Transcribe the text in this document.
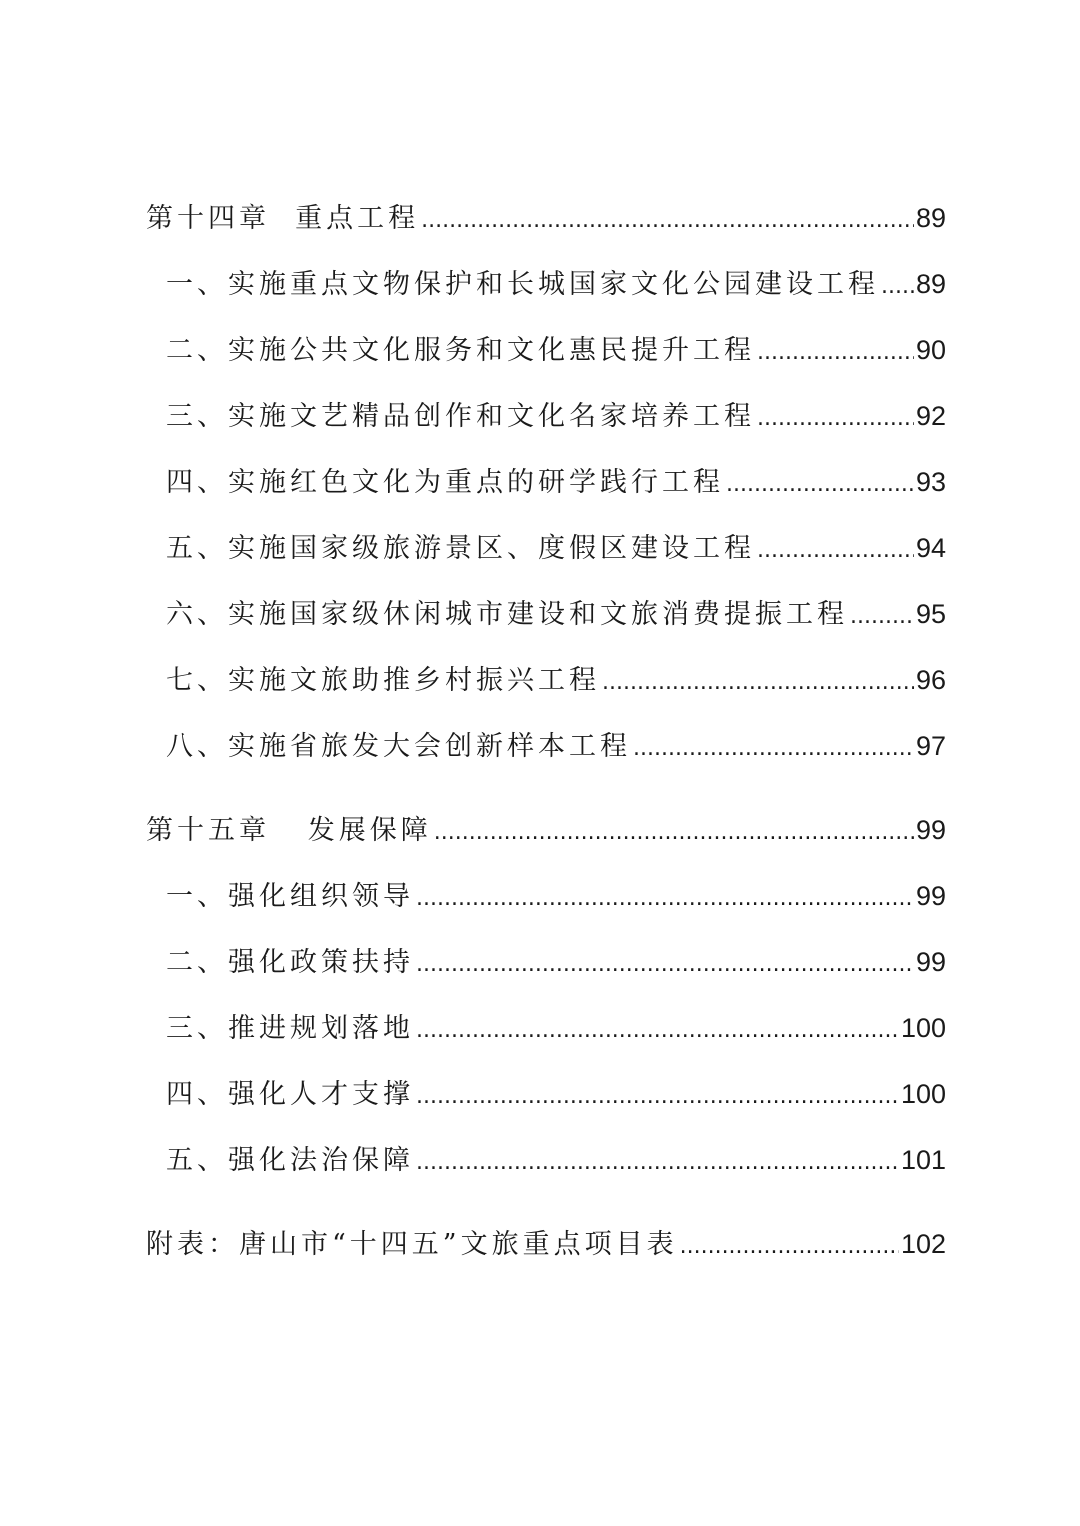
第十四章  重点工程 .....	89
一、实施重点文物保护和长城国家文化公园建设工程 ..... 89
二、实施公共文化服务和文化惠民提升工程 .....	90
三、实施文艺精品创作和文化名家培养工程 .....	92
四、实施红色文化为重点的研学践行工程 .....	93
五、实施国家级旅游景区、度假区建设工程 .....	94
六、实施国家级休闲城市建设和文旅消费提振工程 .....	95
七、实施文旅助推乡村振兴工程 .....	96
八、实施省旅发大会创新样本工程 .....	97
第十五章   发展保障 .....	99
一、强化组织领导 .....	99
二、强化政策扶持 .....	99
三、推进规划落地 .....	100
四、强化人才支撑 .....	100
五、强化法治保障 .....	101
附表：唐山市“十四五”文旅重点项目表 .....	102
